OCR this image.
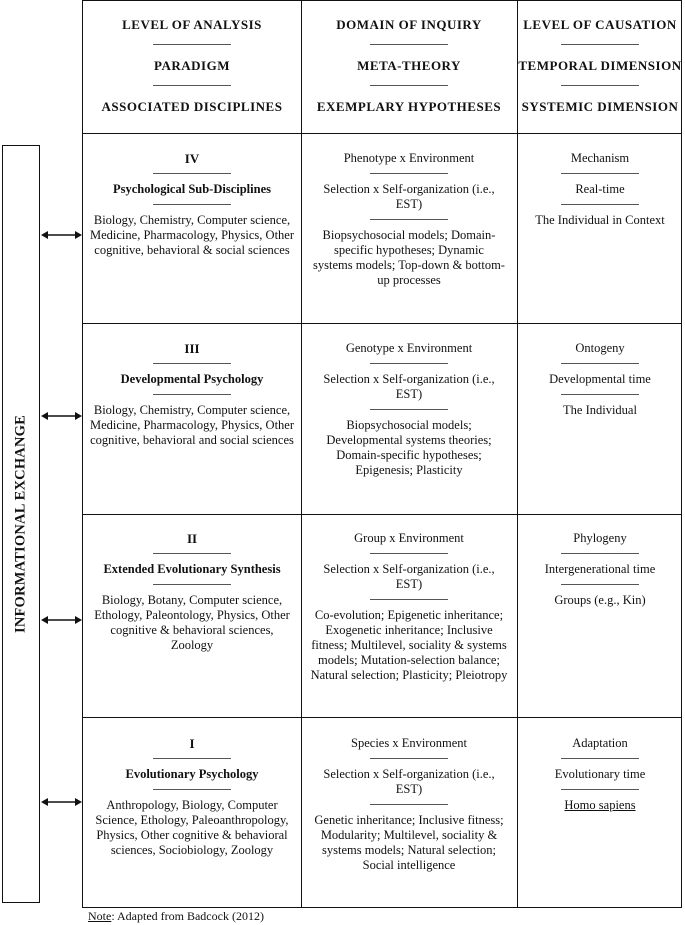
INFORMATIONAL EXCHANGE
LEVEL OF ANALYSIS
PARADIGM
ASSOCIATED DISCIPLINES
DOMAIN OF INQUIRY
META-THEORY
EXEMPLARY HYPOTHESES
LEVEL OF CAUSATION
TEMPORAL DIMENSION
SYSTEMIC DIMENSION
IV
Psychological Sub-Disciplines
Biology, Chemistry, Computer science, Medicine, Pharmacology, Physics, Other cognitive, behavioral & social sciences
Phenotype x Environment
Selection x Self-organization (i.e., EST)
Biopsychosocial models; Domain-specific hypotheses; Dynamic systems models; Top-down & bottom-up processes
Mechanism
Real-time
The Individual in Context
III
Developmental Psychology
Biology, Chemistry, Computer science, Medicine, Pharmacology, Physics, Other cognitive, behavioral and social sciences
Genotype x Environment
Selection x Self-organization (i.e., EST)
Biopsychosocial models; Developmental systems theories; Domain-specific hypotheses; Epigenesis; Plasticity
Ontogeny
Developmental time
The Individual
II
Extended Evolutionary Synthesis
Biology, Botany, Computer science, Ethology, Paleontology, Physics, Other cognitive & behavioral sciences, Zoology
Group x Environment
Selection x Self-organization (i.e., EST)
Co-evolution; Epigenetic inheritance; Exogenetic inheritance; Inclusive fitness; Multilevel, sociality & systems models; Mutation-selection balance; Natural selection; Plasticity; Pleiotropy
Phylogeny
Intergenerational time
Groups (e.g., Kin)
I
Evolutionary Psychology
Anthropology, Biology, Computer Science, Ethology, Paleoanthropology, Physics, Other cognitive & behavioral sciences, Sociobiology, Zoology
Species x Environment
Selection x Self-organization (i.e., EST)
Genetic inheritance; Inclusive fitness; Modularity; Multilevel, sociality & systems models; Natural selection; Social intelligence
Adaptation
Evolutionary time
Homo sapiens
Note: Adapted from Badcock (2012)
